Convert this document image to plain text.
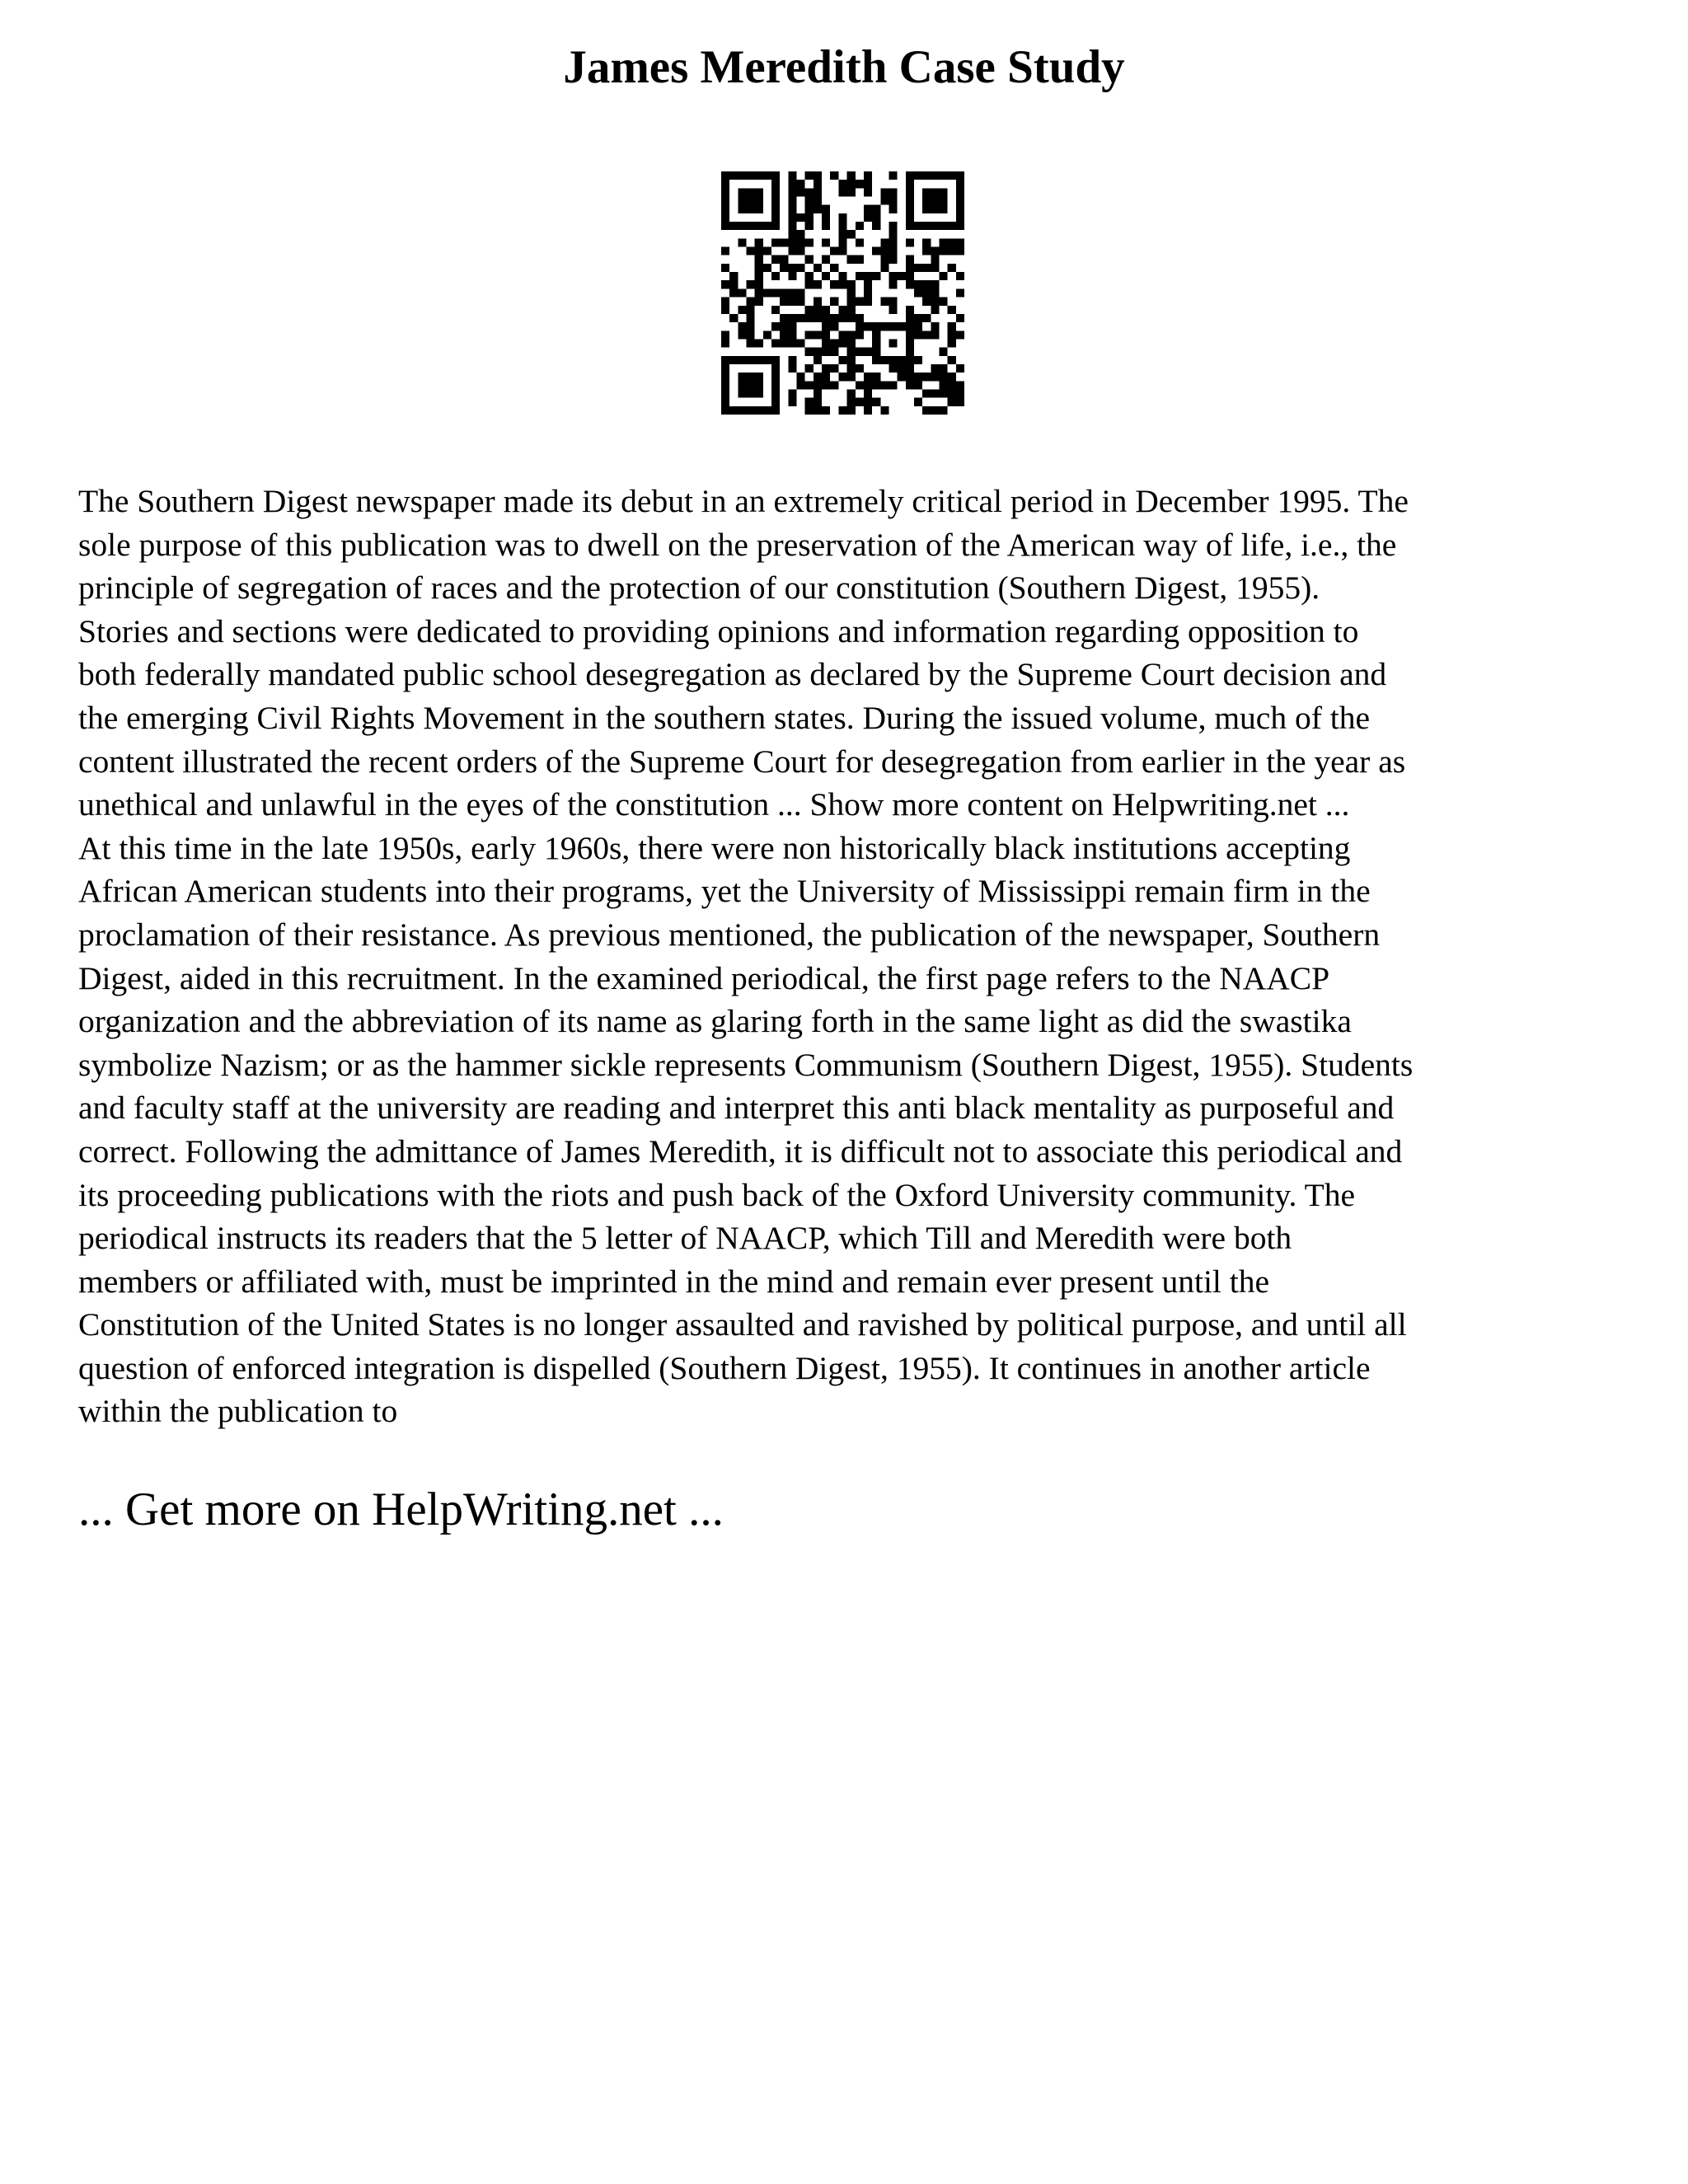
James Meredith Case Study
The Southern Digest newspaper made its debut in an extremely critical period in December 1995. The
sole purpose of this publication was to dwell on the preservation of the American way of life, i.e., the
principle of segregation of races and the protection of our constitution (Southern Digest, 1955).
Stories and sections were dedicated to providing opinions and information regarding opposition to
both federally mandated public school desegregation as declared by the Supreme Court decision and
the emerging Civil Rights Movement in the southern states. During the issued volume, much of the
content illustrated the recent orders of the Supreme Court for desegregation from earlier in the year as
unethical and unlawful in the eyes of the constitution ... Show more content on Helpwriting.net ...
At this time in the late 1950s, early 1960s, there were non historically black institutions accepting
African American students into their programs, yet the University of Mississippi remain firm in the
proclamation of their resistance. As previous mentioned, the publication of the newspaper, Southern
Digest, aided in this recruitment. In the examined periodical, the first page refers to the NAACP
organization and the abbreviation of its name as glaring forth in the same light as did the swastika
symbolize Nazism; or as the hammer sickle represents Communism (Southern Digest, 1955). Students
and faculty staff at the university are reading and interpret this anti black mentality as purposeful and
correct. Following the admittance of James Meredith, it is difficult not to associate this periodical and
its proceeding publications with the riots and push back of the Oxford University community. The
periodical instructs its readers that the 5 letter of NAACP, which Till and Meredith were both
members or affiliated with, must be imprinted in the mind and remain ever present until the
Constitution of the United States is no longer assaulted and ravished by political purpose, and until all
question of enforced integration is dispelled (Southern Digest, 1955). It continues in another article
within the publication to

... Get more on HelpWriting.net ...
